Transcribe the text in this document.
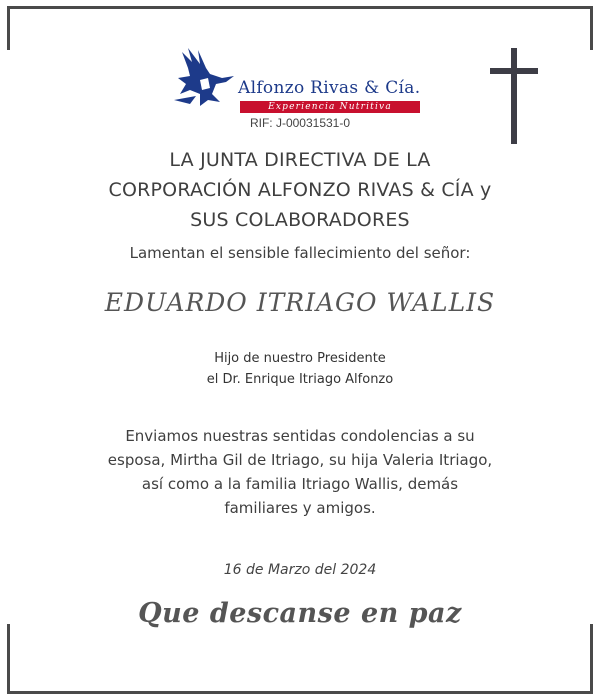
Alfonzo Rivas & Cía.
Experiencia Nutritiva
RIF: J-00031531-0
LA JUNTA DIRECTIVA DE LA
CORPORACIÓN ALFONZO RIVAS & CÍA y
SUS COLABORADORES
Lamentan el sensible fallecimiento del señor:
EDUARDO ITRIAGO WALLIS
Hijo de nuestro Presidente
el Dr. Enrique Itriago Alfonzo
Enviamos nuestras sentidas condolencias a su
esposa, Mirtha Gil de Itriago, su hija Valeria Itriago,
así como a la familia Itriago Wallis, demás
familiares y amigos.
16 de Marzo del 2024
Que descanse en paz
